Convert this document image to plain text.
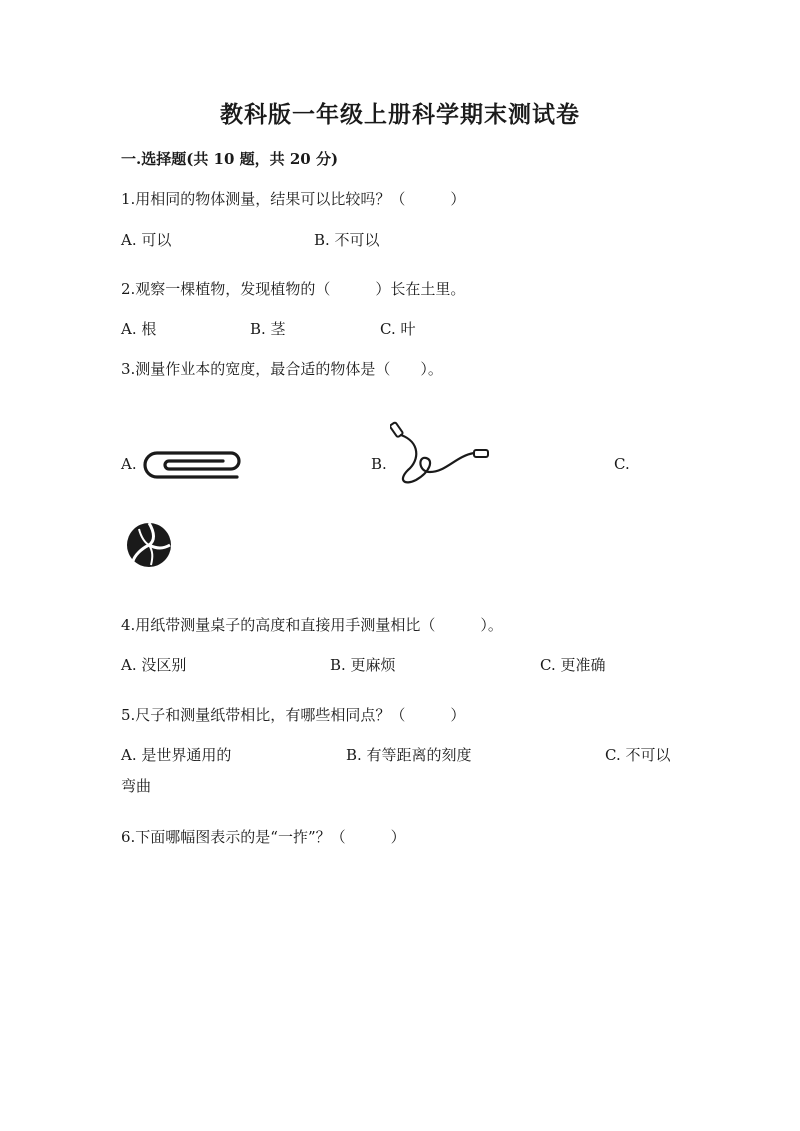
教科版一年级上册科学期末测试卷
一.选择题(共 10 题，共 20 分)
1.用相同的物体测量，结果可以比较吗？（　　　）
A. 可以	B. 不可以
2.观察一棵植物，发现植物的（　　　）长在土里。
A. 根	B. 茎	C. 叶
3.测量作业本的宽度，最合适的物体是（　　）。
A.	B.	C.
4.用纸带测量桌子的高度和直接用手测量相比（　　　）。
A. 没区别	B. 更麻烦	C. 更准确
5.尺子和测量纸带相比，有哪些相同点？（　　　）
A. 是世界通用的	B. 有等距离的刻度	C. 不可以
弯曲
6.下面哪幅图表示的是“一拃”？（　　　）
